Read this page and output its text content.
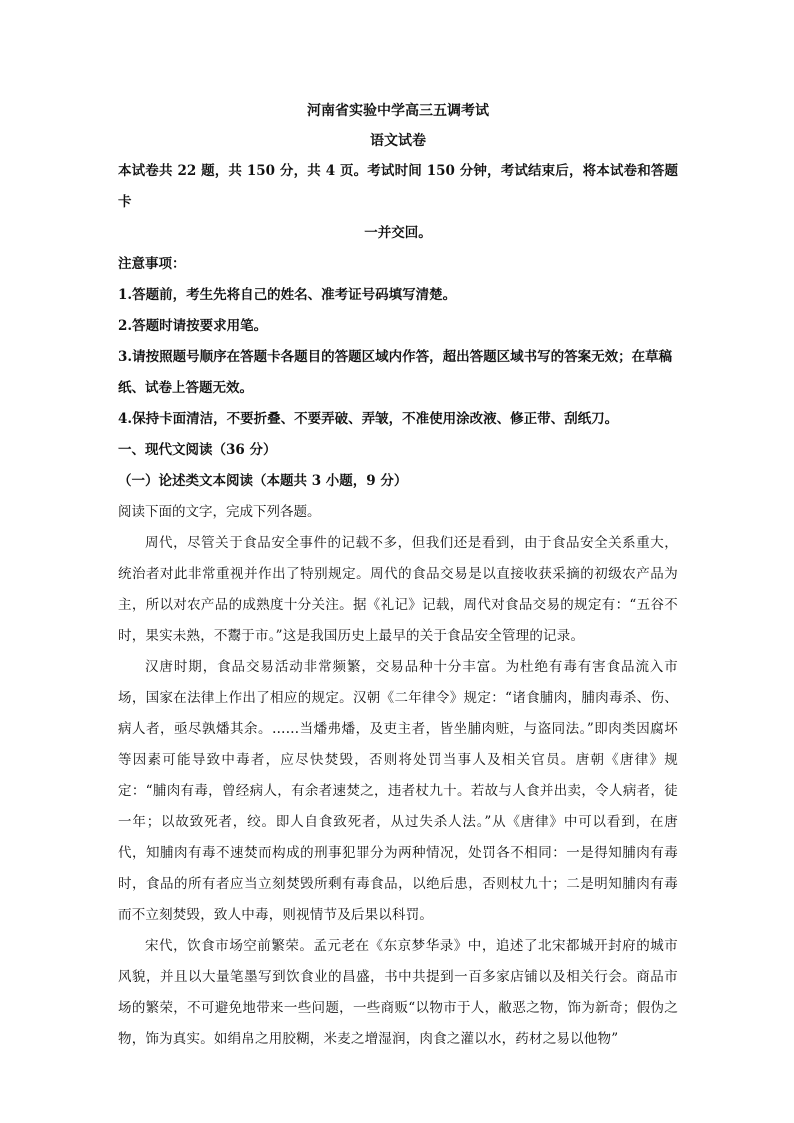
河南省实验中学高三五调考试

语文试卷

本试卷共 22 题，共 150 分，共 4 页。考试时间 150 分钟，考试结束后，将本试卷和答题卡

一并交回。

注意事项：

1.答题前，考生先将自己的姓名、准考证号码填写清楚。

2.答题时请按要求用笔。

3.请按照题号顺序在答题卡各题目的答题区域内作答，超出答题区域书写的答案无效；在草稿纸、试卷上答题无效。

4.保持卡面清洁，不要折叠、不要弄破、弄皱，不准使用涂改液、修正带、刮纸刀。

一、现代文阅读（36 分）

（一）论述类文本阅读（本题共 3 小题，9 分）

阅读下面的文字，完成下列各题。

周代，尽管关于食品安全事件的记载不多，但我们还是看到，由于食品安全关系重大，统治者对此非常重视并作出了特别规定。周代的食品交易是以直接收获采摘的初级农产品为主，所以对农产品的成熟度十分关注。据《礼记》记载，周代对食品交易的规定有：“五谷不时，果实未熟，不鬻于市。”这是我国历史上最早的关于食品安全管理的记录。

汉唐时期，食品交易活动非常频繁，交易品种十分丰富。为杜绝有毒有害食品流入市场，国家在法律上作出了相应的规定。汉朝《二年律令》规定：“诸食脯肉，脯肉毒杀、伤、病人者，亟尽孰燔其余。……当燔弗燔，及吏主者，皆坐脯肉赃，与盗同法。”即肉类因腐坏等因素可能导致中毒者，应尽快焚毁，否则将处罚当事人及相关官员。唐朝《唐律》规定：“脯肉有毒，曾经病人，有余者速焚之，违者杖九十。若故与人食并出卖，令人病者，徒一年；以故致死者，绞。即人自食致死者，从过失杀人法。”从《唐律》中可以看到，在唐代，知脯肉有毒不速焚而构成的刑事犯罪分为两种情况，处罚各不相同：一是得知脯肉有毒时，食品的所有者应当立刻焚毁所剩有毒食品，以绝后患，否则杖九十；二是明知脯肉有毒而不立刻焚毁，致人中毒，则视情节及后果以科罚。

宋代，饮食市场空前繁荣。孟元老在《东京梦华录》中，追述了北宋都城开封府的城市风貌，并且以大量笔墨写到饮食业的昌盛，书中共提到一百多家店铺以及相关行会。商品市场的繁荣，不可避免地带来一些问题，一些商贩“以物市于人，敝恶之物，饰为新奇；假伪之物，饰为真实。如绢帛之用胶糊，米麦之增湿润，肉食之灌以水，药材之易以他物”
